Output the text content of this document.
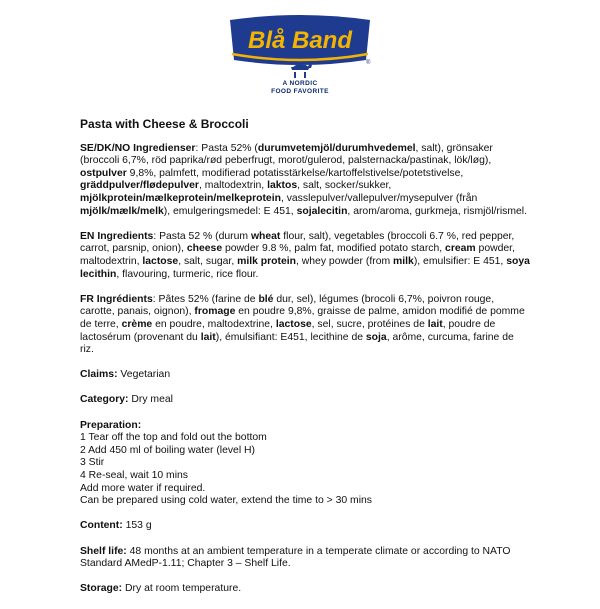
Blå Band
®
A NORDIC
FOOD FAVORITE
Pasta with Cheese & Broccoli

SE/DK/NO Ingredienser: Pasta 52% (durumvetemjöl/durumhvedemel, salt), grönsaker (broccoli 6,7%, röd paprika/rød peberfrugt, morot/gulerod, palsternacka/pastinak, lök/løg), ostpulver 9,8%, palmfett, modifierad potatisstärkelse/kartoffelstivelse/potetstivelse, gräddpulver/flødepulver, maltodextrin, laktos, salt, socker/sukker, mjölkprotein/mælkeprotein/melkeprotein, vasslepulver/vallepulver/mysepulver (från mjölk/mælk/melk), emulgeringsmedel: E 451, sojalecitin, arom/aroma, gurkmeja, rismjöl/rismel.

EN Ingredients: Pasta 52 % (durum wheat flour, salt), vegetables (broccoli 6.7 %, red pepper, carrot, parsnip, onion), cheese powder 9.8 %, palm fat, modified potato starch, cream powder, maltodextrin, lactose, salt, sugar, milk protein, whey powder (from milk), emulsifier: E 451, soya lecithin, flavouring, turmeric, rice flour.

FR Ingrédients: Pâtes 52% (farine de blé dur, sel), légumes (brocoli 6,7%, poivron rouge, carotte, panais, oignon), fromage en poudre 9,8%, graisse de palme, amidon modifié de pomme de terre, crème en poudre, maltodextrine, lactose, sel, sucre, protéines de lait, poudre de lactosérum (provenant du lait), émulsifiant: E451, lecithine de soja, arôme, curcuma, farine de riz.

Claims: Vegetarian

Category: Dry meal

Preparation:
1 Tear off the top and fold out the bottom
2 Add 450 ml of boiling water (level H)
3 Stir
4 Re-seal, wait 10 mins
Add more water if required.
Can be prepared using cold water, extend the time to > 30 mins

Content: 153 g

Shelf life: 48 months at an ambient temperature in a temperate climate or according to NATO Standard AMedP-1.11; Chapter 3 – Shelf Life.

Storage: Dry at room temperature.
